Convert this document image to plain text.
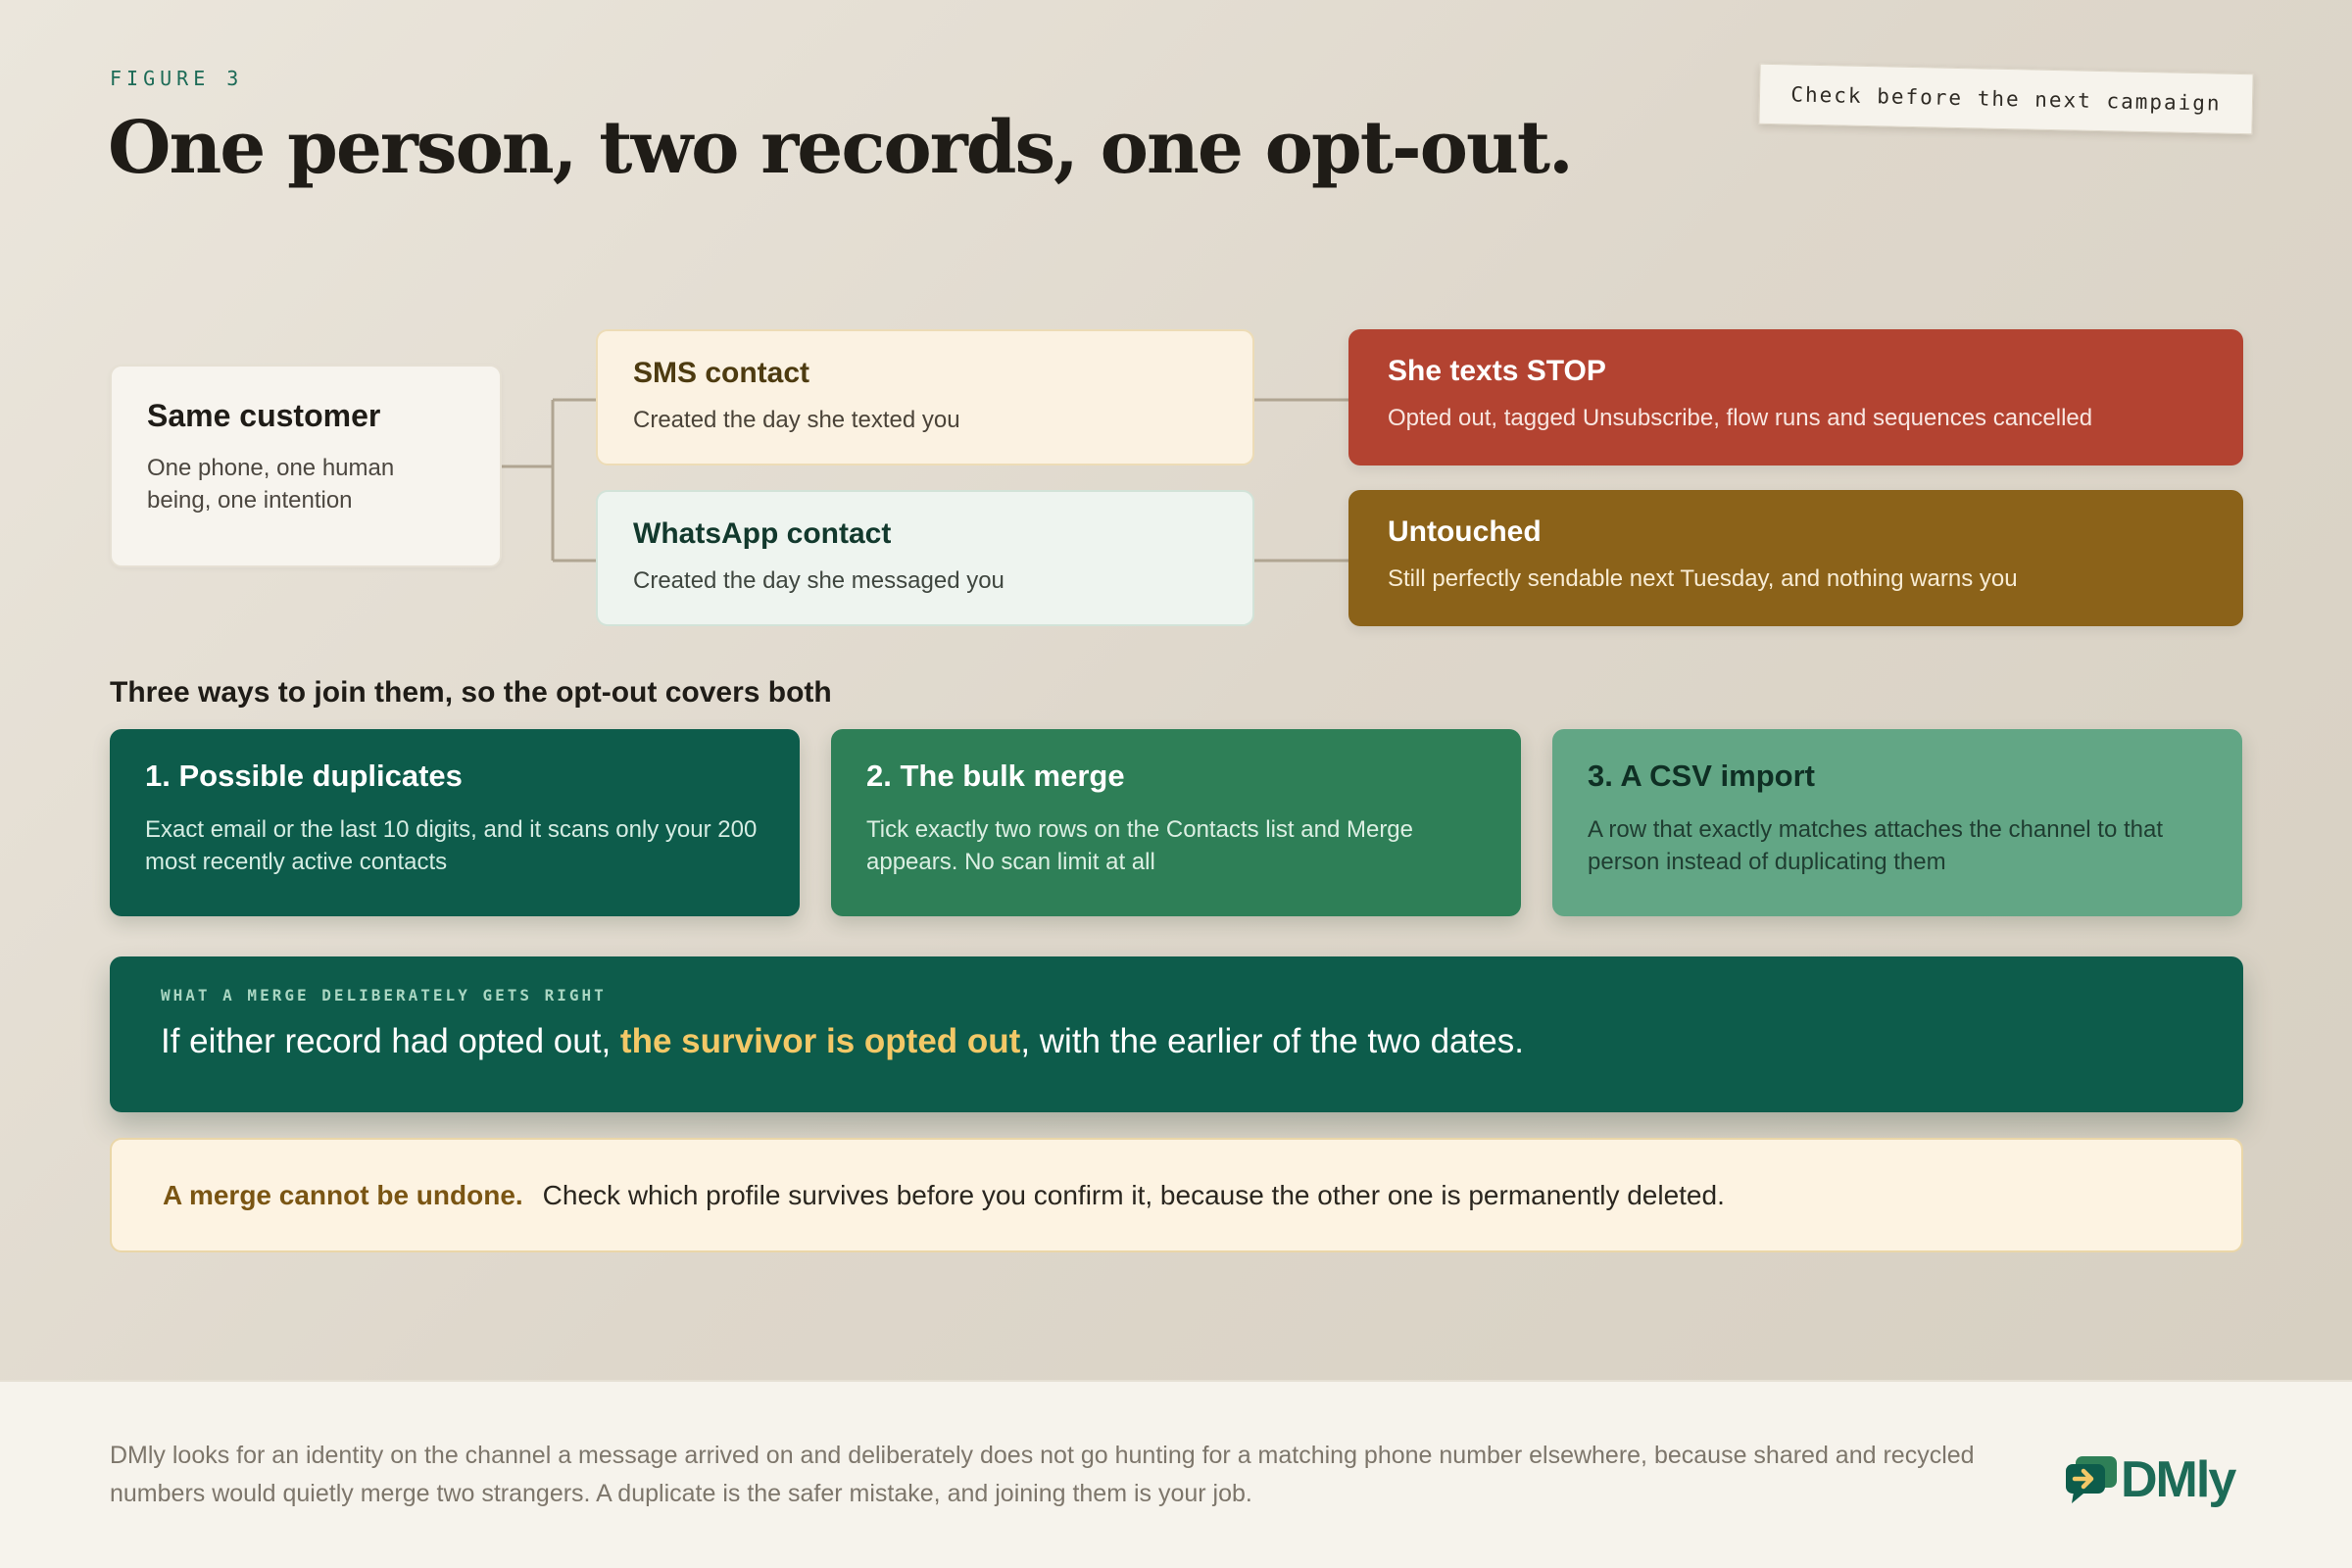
FIGURE 3
One person, two records, one opt-out.
Check before the next campaign
Same customer
One phone, one human being, one intention
SMS contact
Created the day she texted you
WhatsApp contact
Created the day she messaged you
She texts STOP
Opted out, tagged Unsubscribe, flow runs and sequences cancelled
Untouched
Still perfectly sendable next Tuesday, and nothing warns you
Three ways to join them, so the opt-out covers both
1. Possible duplicates
Exact email or the last 10 digits, and it scans only your 200 most recently active contacts
2. The bulk merge
Tick exactly two rows on the Contacts list and Merge appears. No scan limit at all
3. A CSV import
A row that exactly matches attaches the channel to that person instead of duplicating them
WHAT A MERGE DELIBERATELY GETS RIGHT
If either record had opted out, the survivor is opted out, with the earlier of the two dates.
A merge cannot be undone. Check which profile survives before you confirm it, because the other one is permanently deleted.

DMly looks for an identity on the channel a message arrived on and deliberately does not go hunting for a matching phone number elsewhere, because shared and recycled numbers would quietly merge two strangers. A duplicate is the safer mistake, and joining them is your job.	DMly
